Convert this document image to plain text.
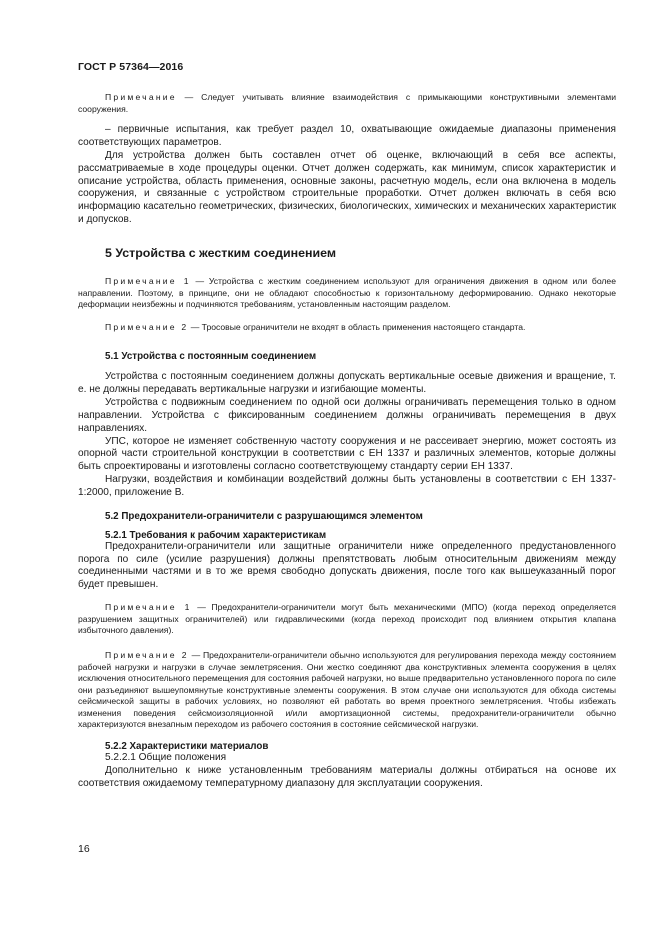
ГОСТ Р 57364—2016

Примечание — Следует учитывать влияние взаимодействия с примыкающими конструктивными элементами сооружения.

– первичные испытания, как требует раздел 10, охватывающие ожидаемые диапазоны применения соответствующих параметров.

Для устройства должен быть составлен отчет об оценке, включающий в себя все аспекты, рассматриваемые в ходе процедуры оценки. Отчет должен содержать, как минимум, список характеристик и описание устройства, область применения, основные законы, расчетную модель, если она включена в модель сооружения, и связанные с устройством строительные проработки. Отчет должен включать в себя всю информацию касательно геометрических, физических, биологических, химических и механических характеристик и допусков.

5 Устройства с жестким соединением

Примечание 1 — Устройства с жестким соединением используют для ограничения движения в одном или более направлении. Поэтому, в принципе, они не обладают способностью к горизонтальному деформированию. Однако некоторые деформации неизбежны и подчиняются требованиям, установленным настоящим разделом.

Примечание 2 — Тросовые ограничители не входят в область применения настоящего стандарта.

5.1 Устройства с постоянным соединением

Устройства с постоянным соединением должны допускать вертикальные осевые движения и вращение, т. е. не должны передавать вертикальные нагрузки и изгибающие моменты.

Устройства с подвижным соединением по одной оси должны ограничивать перемещения только в одном направлении. Устройства с фиксированным соединением должны ограничивать перемещения в двух направлениях.

УПС, которое не изменяет собственную частоту сооружения и не рассеивает энергию, может состоять из опорной части строительной конструкции в соответствии с ЕН 1337 и различных элементов, которые должны быть спроектированы и изготовлены согласно соответствующему стандарту серии ЕН 1337.

Нагрузки, воздействия и комбинации воздействий должны быть установлены в соответствии с ЕН 1337-1:2000, приложение В.

5.2 Предохранители-ограничители с разрушающимся элементом

5.2.1 Требования к рабочим характеристикам

Предохранители-ограничители или защитные ограничители ниже определенного предустановленного порога по силе (усилие разрушения) должны препятствовать любым относительным движениям между соединенными частями и в то же время свободно допускать движения, после того как вышеуказанный порог будет превышен.

Примечание 1 — Предохранители-ограничители могут быть механическими (МПО) (когда переход определяется разрушением защитных ограничителей) или гидравлическими (когда переход происходит под влиянием открытия клапана избыточного давления).

Примечание 2 — Предохранители-ограничители обычно используются для регулирования перехода между состоянием рабочей нагрузки и нагрузки в случае землетрясения. Они жестко соединяют два конструктивных элемента сооружения в целях исключения относительного перемещения для состояния рабочей нагрузки, но выше предварительно установленного порога по силе они разъединяют вышеупомянутые конструктивные элементы сооружения. В этом случае они используются для обхода системы сейсмической защиты в рабочих условиях, но позволяют ей работать во время проектного землетрясения. Чтобы избежать изменения поведения сейсмоизоляционной и/или амортизационной системы, предохранители-ограничители обычно характеризуются внезапным переходом из рабочего состояния в состояние сейсмической нагрузки.

5.2.2 Характеристики материалов

5.2.2.1 Общие положения

Дополнительно к ниже установленным требованиям материалы должны отбираться на основе их соответствия ожидаемому температурному диапазону для эксплуатации сооружения.

16
